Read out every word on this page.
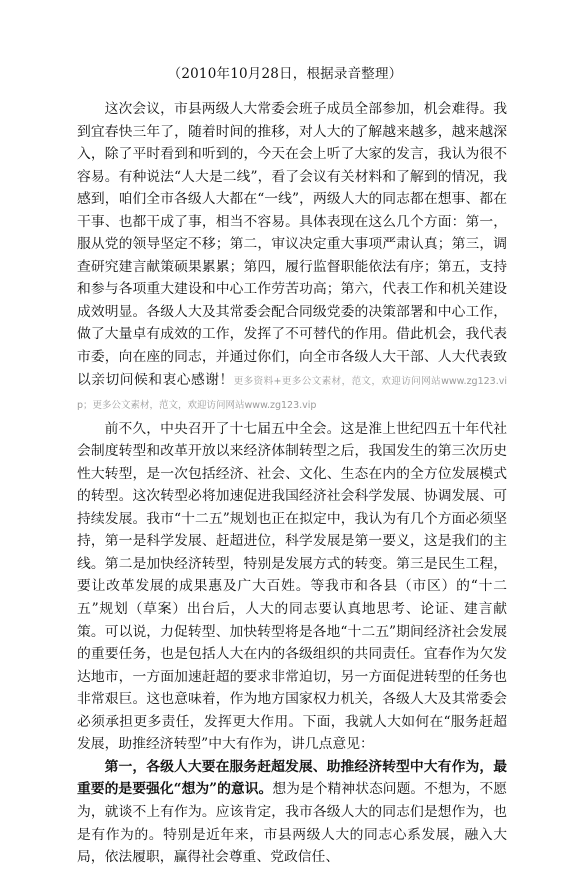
（2010年10月28日，根据录音整理）

这次会议，市县两级人大常委会班子成员全部参加，机会难得。我到宜春快三年了，随着时间的推移，对人大的了解越来越多，越来越深入，除了平时看到和听到的，今天在会上听了大家的发言，我认为很不容易。有种说法“人大是二线”，看了会议有关材料和了解到的情况，我感到，咱们全市各级人大都在“一线”，两级人大的同志都在想事、都在干事、也都干成了事，相当不容易。具体表现在这么几个方面：第一，服从党的领导坚定不移；第二，审议决定重大事项严肃认真；第三，调查研究建言献策硕果累累；第四，履行监督职能依法有序；第五，支持和参与各项重大建设和中心工作劳苦功高；第六，代表工作和机关建设成效明显。各级人大及其常委会配合同级党委的决策部署和中心工作，做了大量卓有成效的工作，发挥了不可替代的作用。借此机会，我代表市委，向在座的同志，并通过你们，向全市各级人大干部、人大代表致以亲切问候和衷心感谢！更多资料+更多公文素材，范文，欢迎访问网站www.zg123.vip；更多公文素材，范文，欢迎访问网站www.zg123.vip

前不久，中央召开了十七届五中全会。这是淮上世纪四五十年代社会制度转型和改革开放以来经济体制转型之后，我国发生的第三次历史性大转型，是一次包括经济、社会、文化、生态在内的全方位发展模式的转型。这次转型必将加速促进我国经济社会科学发展、协调发展、可持续发展。我市“十二五”规划也正在拟定中，我认为有几个方面必须坚持，第一是科学发展、赶超进位，科学发展是第一要义，这是我们的主线。第二是加快经济转型，特别是发展方式的转变。第三是民生工程，要让改革发展的成果惠及广大百姓。等我市和各县（市区）的“十二五”规划（草案）出台后，人大的同志要认真地思考、论证、建言献策。可以说，力促转型、加快转型将是各地“十二五”期间经济社会发展的重要任务，也是包括人大在内的各级组织的共同责任。宜春作为欠发达地市，一方面加速赶超的要求非常迫切，另一方面促进转型的任务也非常艰巨。这也意味着，作为地方国家权力机关，各级人大及其常委会必须承担更多责任，发挥更大作用。下面，我就人大如何在“服务赶超发展，助推经济转型”中大有作为，讲几点意见：

第一，各级人大要在服务赶超发展、助推经济转型中大有作为，最重要的是要强化“想为”的意识。想为是个精神状态问题。不想为，不愿为，就谈不上有作为。应该肯定，我市各级人大的同志们是想作为，也是有作为的。特别是近年来，市县两级人大的同志心系发展，融入大局，依法履职，赢得社会尊重、党政信任、
